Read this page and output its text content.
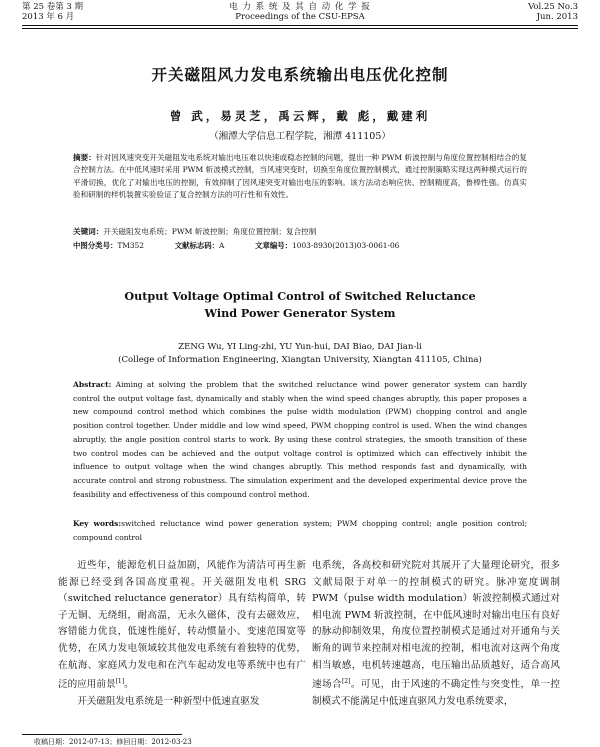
第 25 卷第 3 期
2013 年 6 月
电 力 系 统 及 其 自 动 化 学 报
Proceedings of the CSU-EPSA
Vol.25 No.3
Jun. 2013
开关磁阻风力发电系统输出电压优化控制
曾 武，易灵芝，禹云辉，戴 彪，戴建利
（湘潭大学信息工程学院，湘潭 411105）
摘要：针对因风速突变开关磁阻发电系统对输出电压难以快速或稳态控制的问题，提出一种 PWM 斩波控制与角度位置控制相结合的复合控制方法。在中低风速时采用 PWM 斩波模式控制，当风速突变时，切换至角度位置控制模式，通过控制策略实现这两种模式运行的平滑切换，优化了对输出电压的控制，有效抑制了因风速突变对输出电压的影响。该方法动态响应快、控制精度高，鲁棒性强。仿真实验和研制的样机装置实验验证了复合控制方法的可行性和有效性。
关键词：开关磁阻发电系统；PWM 斩波控制；角度位置控制；复合控制
中图分类号：TM352	文献标志码：A	文章编号：1003-8930(2013)03-0061-06
Output Voltage Optimal Control of Switched Reluctance
Wind Power Generator System
ZENG Wu, YI Ling-zhi, YU Yun-hui, DAI Biao, DAI Jian-li
(College of Information Engineering, Xiangtan University, Xiangtan 411105, China)
Abstract: Aiming at solving the problem that the switched reluctance wind power generator system can hardly control the output voltage fast, dynamically and stably when the wind speed changes abruptly, this paper proposes a new compound control method which combines the pulse width modulation (PWM) chopping control and angle position control together. Under middle and low wind speed, PWM chopping control is used. When the wind changes abruptly, the angle position control starts to work. By using these control strategies, the smooth transition of these two control modes can be achieved and the output voltage control is optimized which can effectively inhibit the influence to output voltage when the wind changes abruptly. This method responds fast and dynamically, with accurate control and strong robustness. The simulation experiment and the developed experimental device prove the feasibility and effectiveness of this compound control method.
Key words:switched reluctance wind power generation system; PWM chopping control; angle position control; compound control

近些年，能源危机日益加剧，风能作为清洁可再生新能源已经受到各国高度重视。开关磁阻发电机 SRG（switched reluctance generator）具有结构简单，转子无铜、无绕组，耐高温，无永久磁体，没有去磁效应，容错能力优良，低速性能好，转动惯量小、变速范围宽等优势，在风力发电领域较其他发电系统有着独特的优势，在航海、家庭风力发电和在汽车起动发电等系统中也有广泛的应用前景[1]。

开关磁阻发电系统是一种新型中低速直驱发

电系统，各高校和研究院对其展开了大量理论研究，很多文献局限于对单一的控制模式的研究。脉冲宽度调制 PWM（pulse width modulation）斩波控制模式通过对相电流 PWM 斩波控制，在中低风速时对输出电压有良好的脉动抑制效果，角度位置控制模式是通过对开通角与关断角的调节来控制对相电流的控制，相电流对这两个角度相当敏感，电机转速越高，电压输出品质越好，适合高风速场合[2]。可见，由于风速的不确定性与突变性，单一控制模式不能满足中低速直驱风力发电系统要求，

收稿日期：2012-07-13；修回日期：2012-03-23
